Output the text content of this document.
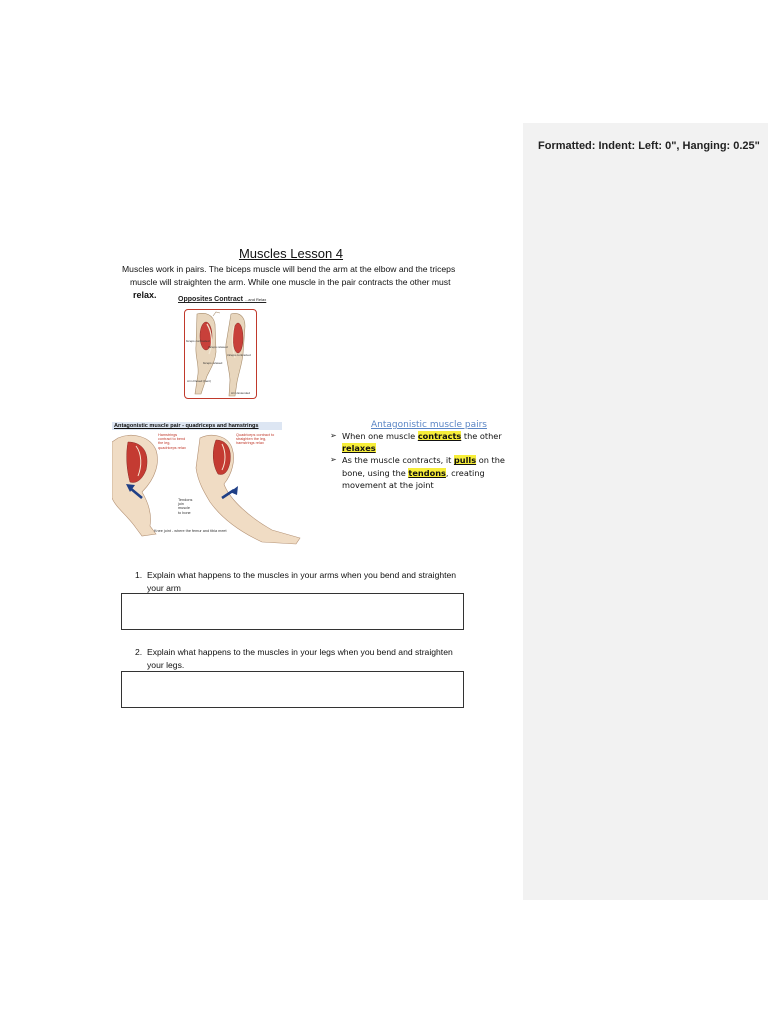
Formatted: Indent: Left: 0", Hanging: 0.25"
Muscles Lesson 4
Muscles work in pairs. The biceps muscle will bend the arm at the elbow and the triceps
muscle will straighten the arm. While one muscle in the pair contracts the other must
relax.	Opposites Contract ...and Relax
biceps contracted
triceps relaxed
triceps contracted
biceps relaxed
Arm Flexed (bent)
Arm Extended
Antagonistic muscle pair - quadriceps and hamstrings
Hamstrings
contract to bend
the leg,
quadriceps relax
Quadriceps contract to
straighten the leg,
hamstrings relax
Tendons
join
muscle
to bone
Knee joint - where the femur and tibia meet
Antagonistic muscle pairs
➢ When one muscle contracts the other relaxes
➢ As the muscle contracts, it pulls on the bone, using the tendons, creating movement at the joint
1. Explain what happens to the muscles in your arms when you bend and straighten
your arm
2. Explain what happens to the muscles in your legs when you bend and straighten
your legs.
